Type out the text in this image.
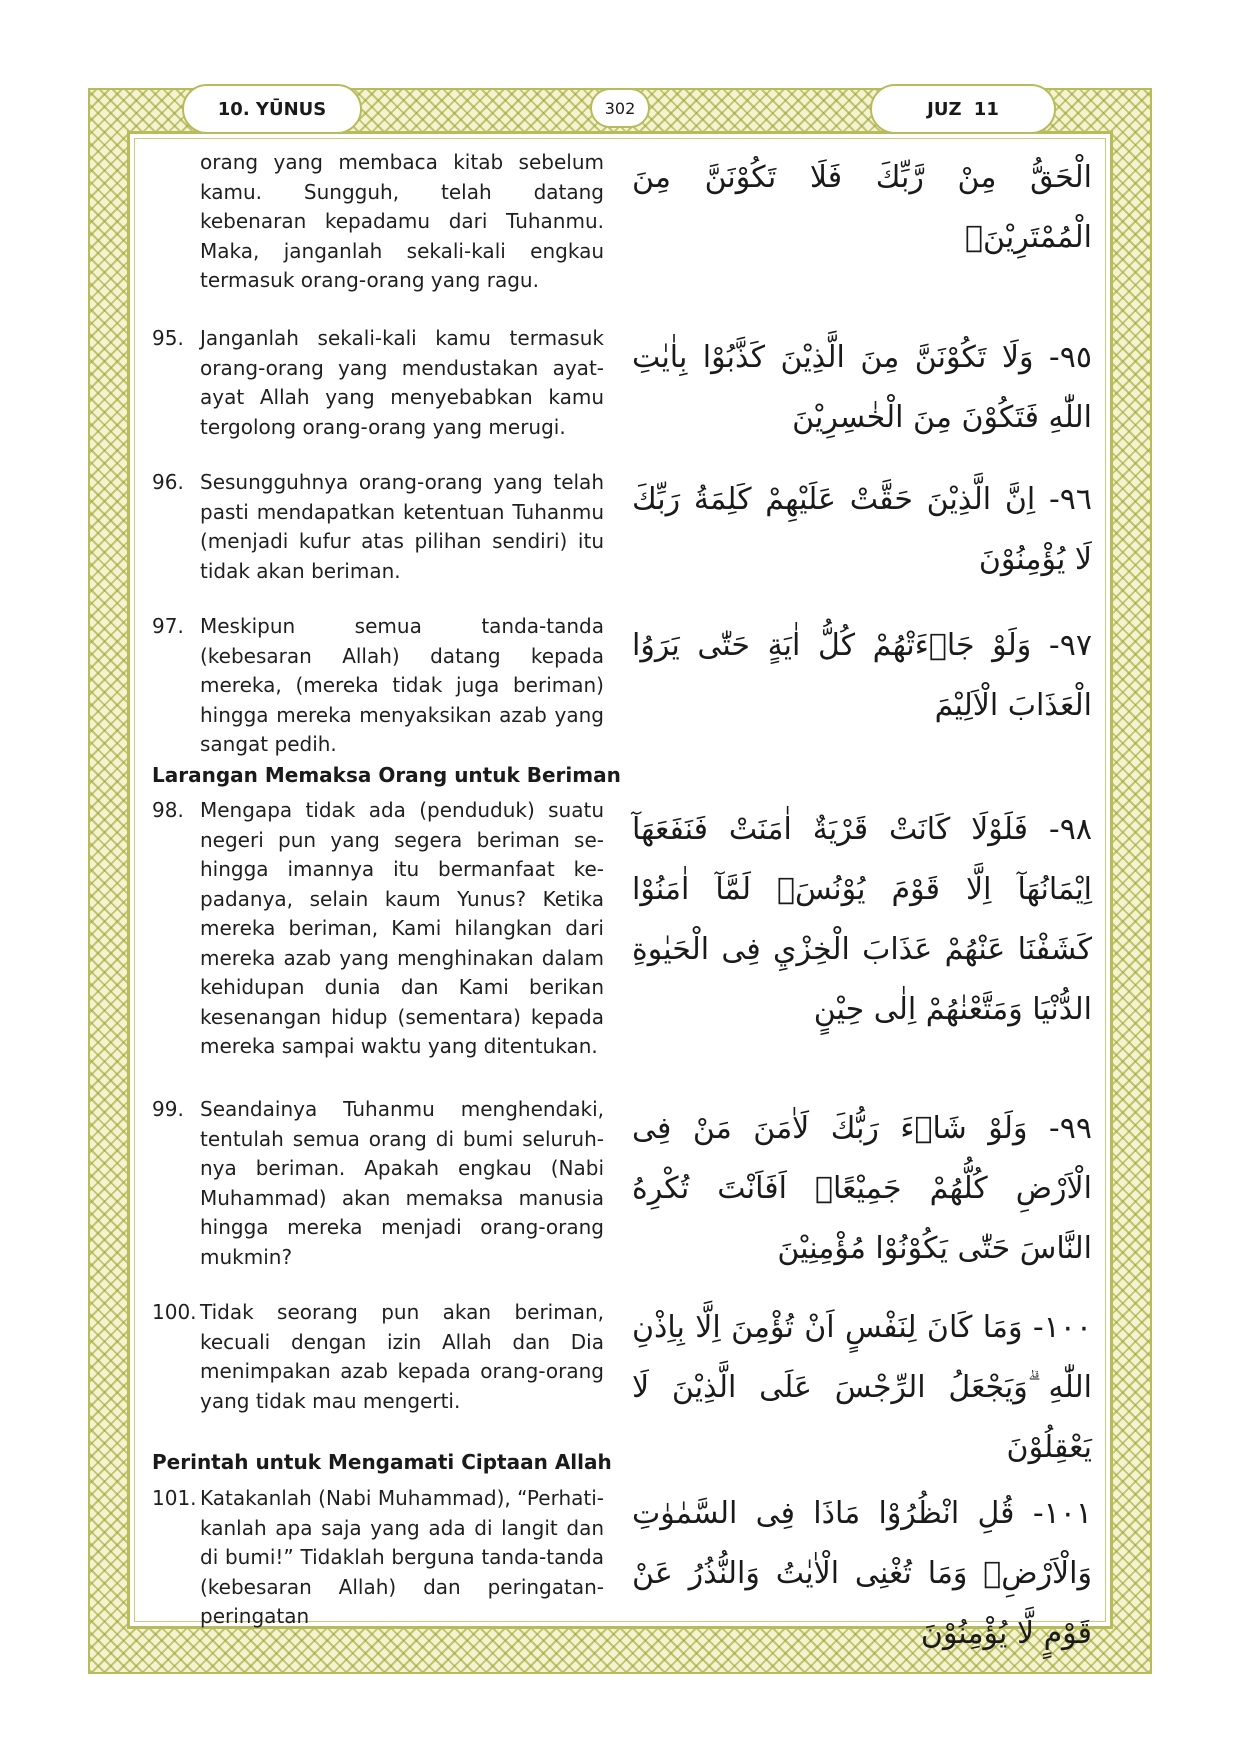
10. YŪNUS	302	JUZ 11
orang yang membaca kitab sebelum kamu. Sungguh, telah datang kebenaran kepadamu dari Tuhanmu. Maka, janganlah sekali-kali engkau termasuk orang-orang yang ragu.
الْحَقُّ مِنْ رَّبِّكَ فَلَا تَكُوْنَنَّ مِنَ الْمُمْتَرِيْنَۙ
95. Janganlah sekali-kali kamu termasuk orang-orang yang mendustakan ayat-ayat Allah yang menyebabkan kamu tergolong orang-orang yang merugi.
٩٥- وَلَا تَكُوْنَنَّ مِنَ الَّذِيْنَ كَذَّبُوْا بِاٰيٰتِ اللّٰهِ فَتَكُوْنَ مِنَ الْخٰسِرِيْنَ
96. Sesungguhnya orang-orang yang telah pasti mendapatkan ketentuan Tuhanmu (menjadi kufur atas pilihan sendiri) itu tidak akan beriman.
٩٦- اِنَّ الَّذِيْنَ حَقَّتْ عَلَيْهِمْ كَلِمَةُ رَبِّكَ لَا يُؤْمِنُوْنَ
97. Meskipun semua tanda-tanda (kebesaran Allah) datang kepada mereka, (mereka tidak juga beriman) hingga mereka menyaksikan azab yang sangat pedih.
٩٧- وَلَوْ جَاۤءَتْهُمْ كُلُّ اٰيَةٍ حَتّٰى يَرَوُا الْعَذَابَ الْاَلِيْمَ
Larangan Memaksa Orang untuk Beriman
98. Mengapa tidak ada (penduduk) suatu negeri pun yang segera beriman sehingga imannya itu bermanfaat kepadanya, selain kaum Yunus? Ketika mereka beriman, Kami hilangkan dari mereka azab yang menghinakan dalam kehidupan dunia dan Kami berikan kesenangan hidup (sementara) kepada mereka sampai waktu yang ditentukan.
٩٨- فَلَوْلَا كَانَتْ قَرْيَةٌ اٰمَنَتْ فَنَفَعَهَآ اِيْمَانُهَآ اِلَّا قَوْمَ يُوْنُسَۗ لَمَّآ اٰمَنُوْا كَشَفْنَا عَنْهُمْ عَذَابَ الْخِزْيِ فِى الْحَيٰوةِ الدُّنْيَا وَمَتَّعْنٰهُمْ اِلٰى حِيْنٍ
99. Seandainya Tuhanmu menghendaki, tentulah semua orang di bumi seluruhnya beriman. Apakah engkau (Nabi Muhammad) akan memaksa manusia hingga mereka menjadi orang-orang mukmin?
٩٩- وَلَوْ شَاۤءَ رَبُّكَ لَاٰمَنَ مَنْ فِى الْاَرْضِ كُلُّهُمْ جَمِيْعًاۗ اَفَاَنْتَ تُكْرِهُ النَّاسَ حَتّٰى يَكُوْنُوْا مُؤْمِنِيْنَ
100. Tidak seorang pun akan beriman, kecuali dengan izin Allah dan Dia menimpakan azab kepada orang-orang yang tidak mau mengerti.
١٠٠- وَمَا كَانَ لِنَفْسٍ اَنْ تُؤْمِنَ اِلَّا بِاِذْنِ اللّٰهِ ۗوَيَجْعَلُ الرِّجْسَ عَلَى الَّذِيْنَ لَا يَعْقِلُوْنَ
Perintah untuk Mengamati Ciptaan Allah
101. Katakanlah (Nabi Muhammad), “Perhatikanlah apa saja yang ada di langit dan di bumi!” Tidaklah berguna tanda-tanda (kebesaran Allah) dan peringatan-peringatan
١٠١- قُلِ انْظُرُوْا مَاذَا فِى السَّمٰوٰتِ وَالْاَرْضِۗ وَمَا تُغْنِى الْاٰيٰتُ وَالنُّذُرُ عَنْ قَوْمٍ لَّا يُؤْمِنُوْنَ
